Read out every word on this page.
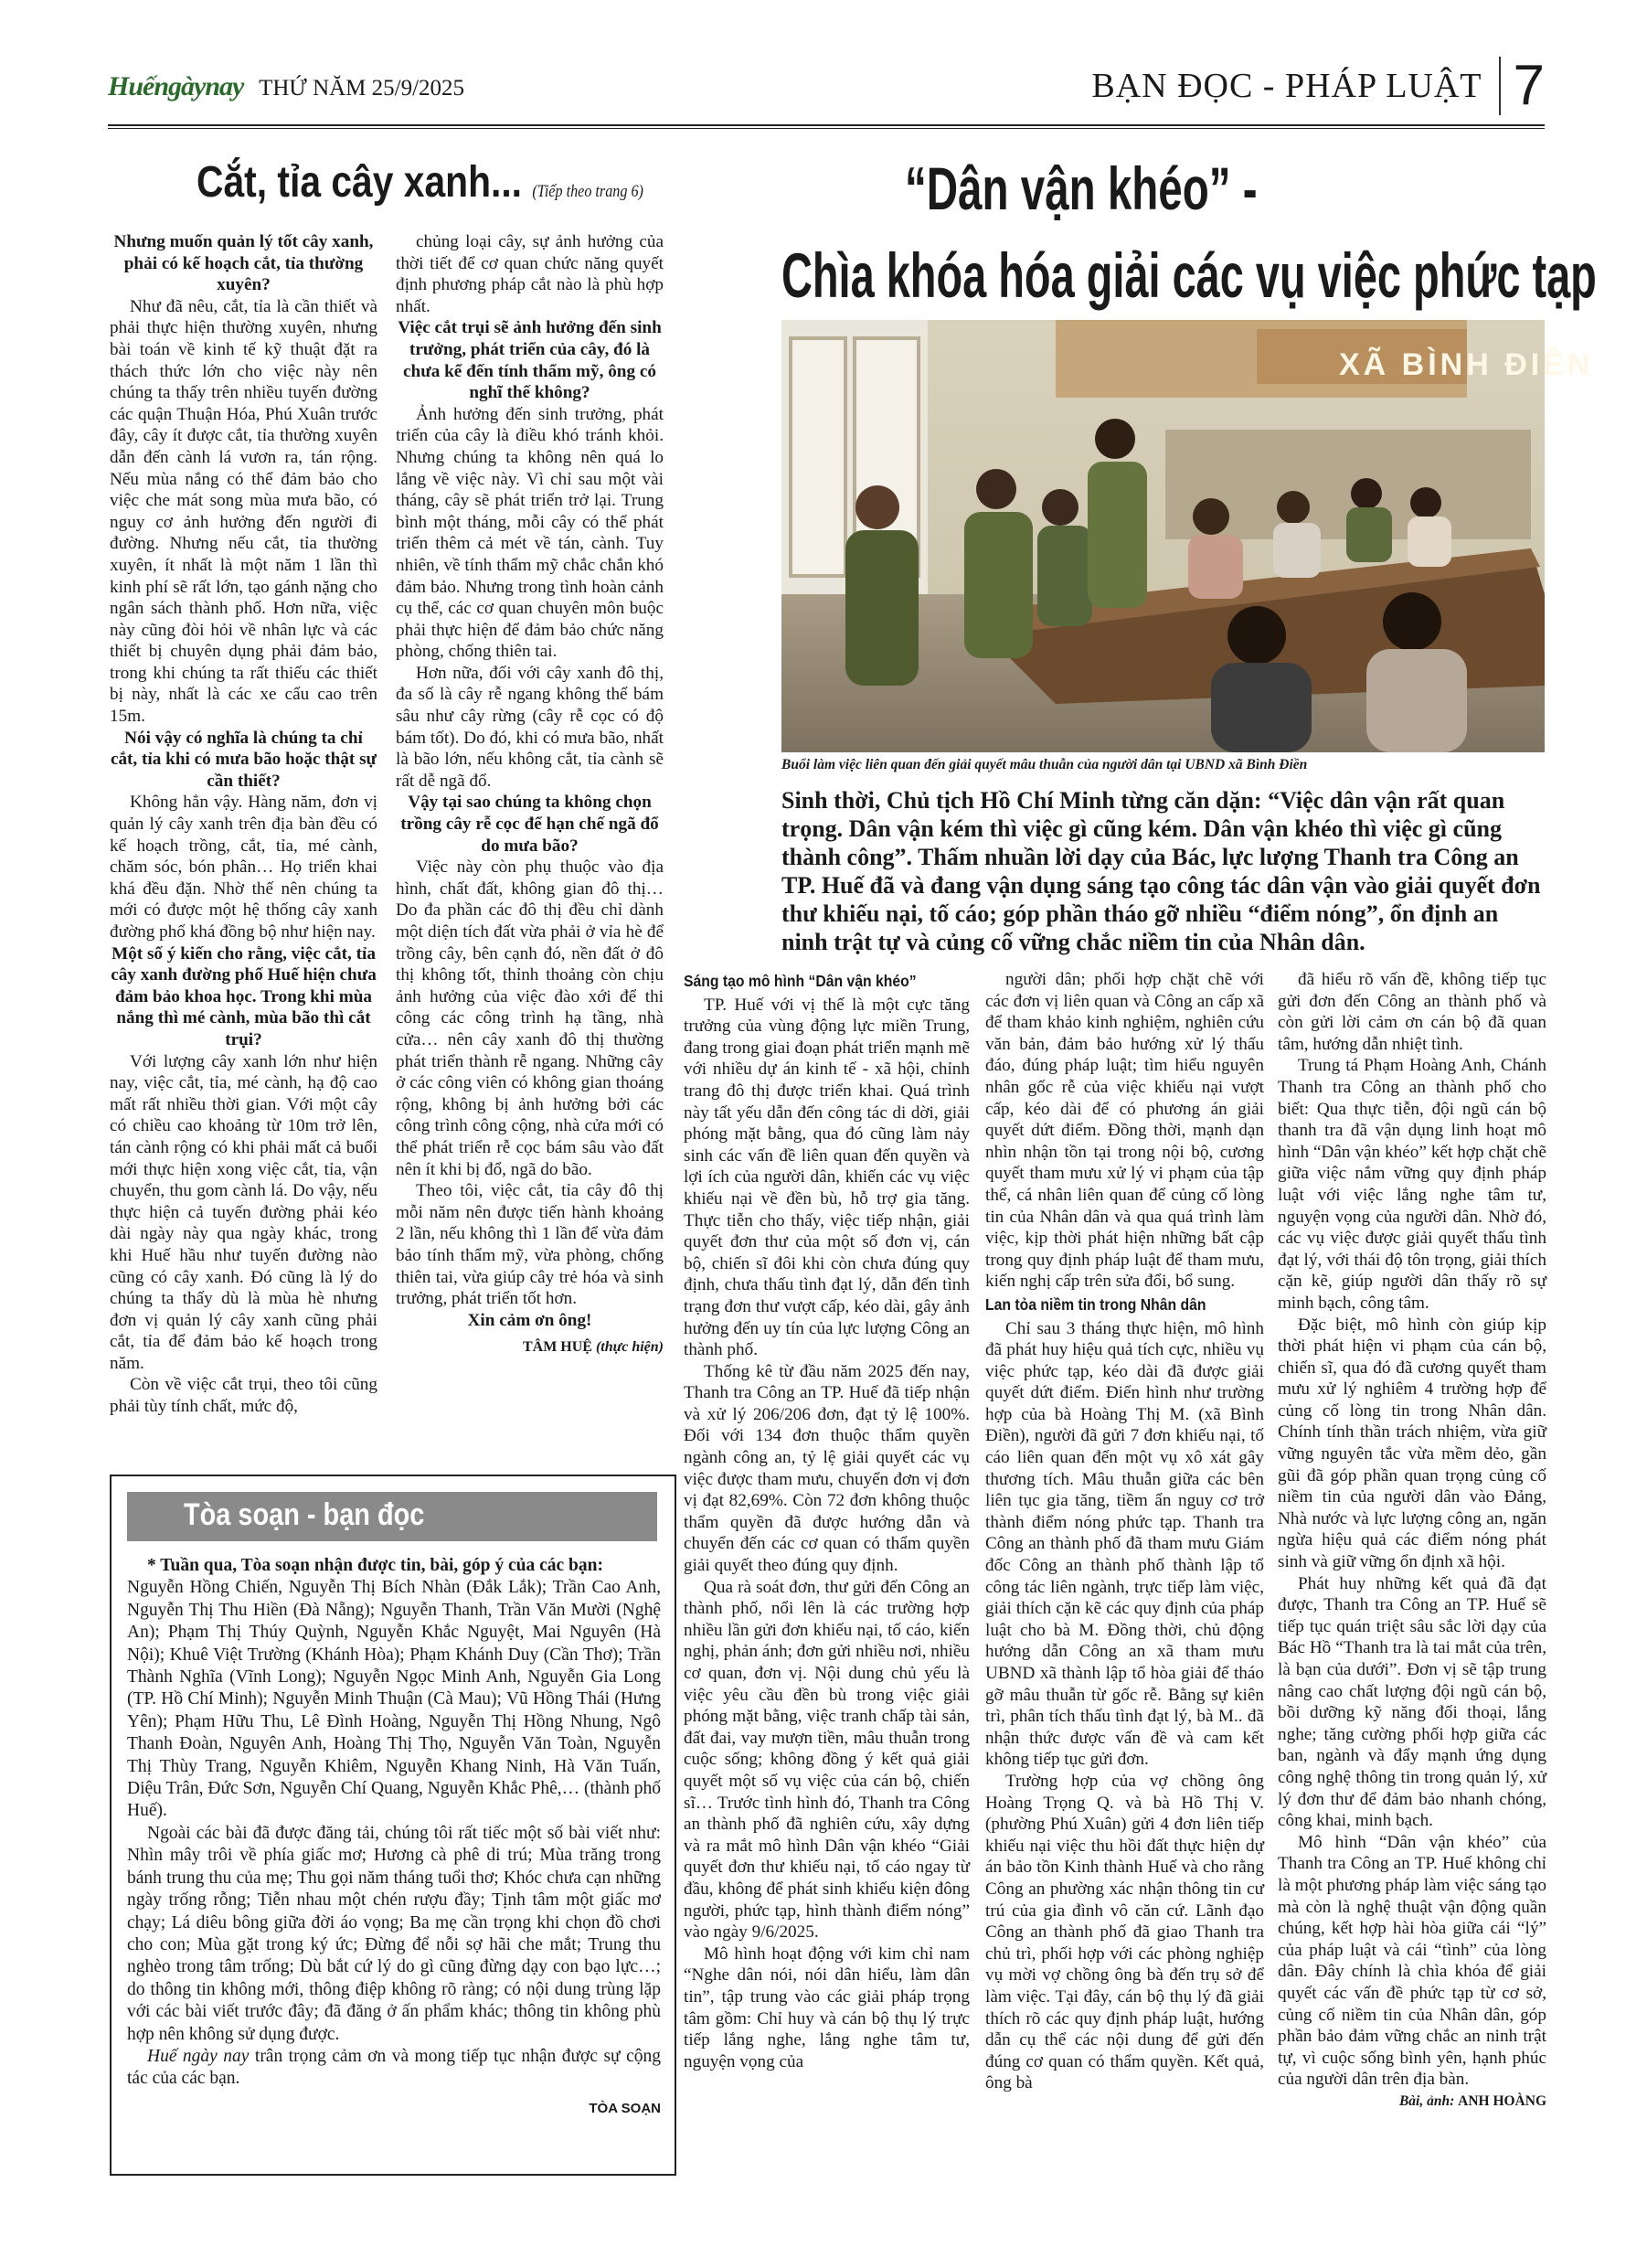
Huếngàynay THỨ NĂM 25/9/2025	BẠN ĐỌC - PHÁP LUẬT 7
Cắt, tỉa cây xanh... (Tiếp theo trang 6)

Nhưng muốn quản lý tốt cây xanh, phải có kế hoạch cắt, tỉa thường xuyên?

Như đã nêu, cắt, tỉa là cần thiết và phải thực hiện thường xuyên, nhưng bài toán về kinh tế kỹ thuật đặt ra thách thức lớn cho việc này nên chúng ta thấy trên nhiều tuyến đường các quận Thuận Hóa, Phú Xuân trước đây, cây ít được cắt, tỉa thường xuyên dẫn đến cành lá vươn ra, tán rộng. Nếu mùa nắng có thể đảm bảo cho việc che mát song mùa mưa bão, có nguy cơ ảnh hưởng đến người đi đường. Nhưng nếu cắt, tỉa thường xuyên, ít nhất là một năm 1 lần thì kinh phí sẽ rất lớn, tạo gánh nặng cho ngân sách thành phố. Hơn nữa, việc này cũng đòi hỏi về nhân lực và các thiết bị chuyên dụng phải đảm bảo, trong khi chúng ta rất thiếu các thiết bị này, nhất là các xe cẩu cao trên 15m.

Nói vậy có nghĩa là chúng ta chỉ cắt, tỉa khi có mưa bão hoặc thật sự cần thiết?

Không hẳn vậy. Hàng năm, đơn vị quản lý cây xanh trên địa bàn đều có kế hoạch trồng, cắt, tỉa, mé cành, chăm sóc, bón phân… Họ triển khai khá đều đặn. Nhờ thế nên chúng ta mới có được một hệ thống cây xanh đường phố khá đồng bộ như hiện nay.

Một số ý kiến cho rằng, việc cắt, tỉa cây xanh đường phố Huế hiện chưa đảm bảo khoa học. Trong khi mùa nắng thì mé cành, mùa bão thì cắt trụi?

Với lượng cây xanh lớn như hiện nay, việc cắt, tỉa, mé cành, hạ độ cao mất rất nhiều thời gian. Với một cây có chiều cao khoảng từ 10m trở lên, tán cành rộng có khi phải mất cả buổi mới thực hiện xong việc cắt, tỉa, vận chuyển, thu gom cành lá. Do vậy, nếu thực hiện cả tuyến đường phải kéo dài ngày này qua ngày khác, trong khi Huế hầu như tuyến đường nào cũng có cây xanh. Đó cũng là lý do chúng ta thấy dù là mùa hè nhưng đơn vị quản lý cây xanh cũng phải cắt, tỉa để đảm bảo kế hoạch trong năm.

Còn về việc cắt trụi, theo tôi cũng phải tùy tính chất, mức độ,

chủng loại cây, sự ảnh hưởng của thời tiết để cơ quan chức năng quyết định phương pháp cắt nào là phù hợp nhất.

Việc cắt trụi sẽ ảnh hưởng đến sinh trưởng, phát triển của cây, đó là chưa kể đến tính thẩm mỹ, ông có nghĩ thế không?

Ảnh hưởng đến sinh trưởng, phát triển của cây là điều khó tránh khỏi. Nhưng chúng ta không nên quá lo lắng về việc này. Vì chỉ sau một vài tháng, cây sẽ phát triển trở lại. Trung bình một tháng, mỗi cây có thể phát triển thêm cả mét về tán, cành. Tuy nhiên, về tính thẩm mỹ chắc chắn khó đảm bảo. Nhưng trong tình hoàn cảnh cụ thể, các cơ quan chuyên môn buộc phải thực hiện để đảm bảo chức năng phòng, chống thiên tai.

Hơn nữa, đối với cây xanh đô thị, đa số là cây rễ ngang không thể bám sâu như cây rừng (cây rễ cọc có độ bám tốt). Do đó, khi có mưa bão, nhất là bão lớn, nếu không cắt, tỉa cành sẽ rất dễ ngã đổ.

Vậy tại sao chúng ta không chọn trồng cây rễ cọc để hạn chế ngã đổ do mưa bão?

Việc này còn phụ thuộc vào địa hình, chất đất, không gian đô thị… Do đa phần các đô thị đều chỉ dành một diện tích đất vừa phải ở vỉa hè để trồng cây, bên cạnh đó, nền đất ở đô thị không tốt, thỉnh thoảng còn chịu ảnh hưởng của việc đào xới để thi công các công trình hạ tầng, nhà cửa… nên cây xanh đô thị thường phát triển thành rễ ngang. Những cây ở các công viên có không gian thoáng rộng, không bị ảnh hưởng bởi các công trình công cộng, nhà cửa mới có thể phát triển rễ cọc bám sâu vào đất nên ít khi bị đổ, ngã do bão.

Theo tôi, việc cắt, tỉa cây đô thị mỗi năm nên được tiến hành khoảng 2 lần, nếu không thì 1 lần để vừa đảm bảo tính thẩm mỹ, vừa phòng, chống thiên tai, vừa giúp cây trẻ hóa và sinh trưởng, phát triển tốt hơn.

Xin cảm ơn ông!

TÂM HUỆ (thực hiện)

Tòa soạn - bạn đọc

* Tuần qua, Tòa soạn nhận được tin, bài, góp ý của các bạn:

Nguyễn Hồng Chiến, Nguyễn Thị Bích Nhàn (Đắk Lắk); Trần Cao Anh, Nguyễn Thị Thu Hiền (Đà Nẵng); Nguyễn Thanh, Trần Văn Mười (Nghệ An); Phạm Thị Thúy Quỳnh, Nguyễn Khắc Nguyệt, Mai Nguyên (Hà Nội); Khuê Việt Trường (Khánh Hòa); Phạm Khánh Duy (Cần Thơ); Trần Thành Nghĩa (Vĩnh Long); Nguyễn Ngọc Minh Anh, Nguyễn Gia Long (TP. Hồ Chí Minh); Nguyễn Minh Thuận (Cà Mau); Vũ Hồng Thái (Hưng Yên); Phạm Hữu Thu, Lê Đình Hoàng, Nguyễn Thị Hồng Nhung, Ngô Thanh Đoàn, Nguyên Anh, Hoàng Thị Thọ, Nguyễn Văn Toàn, Nguyễn Thị Thùy Trang, Nguyễn Khiêm, Nguyễn Khang Ninh, Hà Văn Tuấn, Diệu Trân, Đức Sơn, Nguyễn Chí Quang, Nguyễn Khắc Phê,… (thành phố Huế).

Ngoài các bài đã được đăng tải, chúng tôi rất tiếc một số bài viết như: Nhìn mây trôi về phía giấc mơ; Hương cà phê di trú; Mùa trăng trong bánh trung thu của mẹ; Thu gọi năm tháng tuổi thơ; Khóc chưa cạn những ngày trống rỗng; Tiễn nhau một chén rượu đầy; Tịnh tâm một giấc mơ chạy; Lá diêu bông giữa đời áo vọng; Ba mẹ cần trọng khi chọn đồ chơi cho con; Mùa gặt trong ký ức; Đừng để nỗi sợ hãi che mắt; Trung thu nghèo trong tâm trống; Dù bắt cứ lý do gì cũng đừng dạy con bạo lực…; do thông tin không mới, thông điệp không rõ ràng; có nội dung trùng lặp với các bài viết trước đây; đã đăng ở ấn phẩm khác; thông tin không phù hợp nên không sử dụng được.

Huế ngày nay trân trọng cảm ơn và mong tiếp tục nhận được sự cộng tác của các bạn.

TÒA SOẠN
“Dân vận khéo” -
Chìa khóa hóa giải các vụ việc phức tạp
XÃ BÌNH ĐIỀN
Buổi làm việc liên quan đến giải quyết mâu thuẫn của người dân tại UBND xã Bình Điền
Sinh thời, Chủ tịch Hồ Chí Minh từng căn dặn: “Việc dân vận rất quan trọng. Dân vận kém thì việc gì cũng kém. Dân vận khéo thì việc gì cũng thành công”. Thấm nhuần lời dạy của Bác, lực lượng Thanh tra Công an TP. Huế đã và đang vận dụng sáng tạo công tác dân vận vào giải quyết đơn thư khiếu nại, tố cáo; góp phần tháo gỡ nhiều “điểm nóng”, ổn định an ninh trật tự và củng cố vững chắc niềm tin của Nhân dân.

Sáng tạo mô hình “Dân vận khéo”

TP. Huế với vị thế là một cực tăng trưởng của vùng động lực miền Trung, đang trong giai đoạn phát triển mạnh mẽ với nhiều dự án kinh tế - xã hội, chỉnh trang đô thị được triển khai. Quá trình này tất yếu dẫn đến công tác di dời, giải phóng mặt bằng, qua đó cũng làm nảy sinh các vấn đề liên quan đến quyền và lợi ích của người dân, khiến các vụ việc khiếu nại về đền bù, hỗ trợ gia tăng. Thực tiễn cho thấy, việc tiếp nhận, giải quyết đơn thư của một số đơn vị, cán bộ, chiến sĩ đôi khi còn chưa đúng quy định, chưa thấu tình đạt lý, dẫn đến tình trạng đơn thư vượt cấp, kéo dài, gây ảnh hưởng đến uy tín của lực lượng Công an thành phố.

Thống kê từ đầu năm 2025 đến nay, Thanh tra Công an TP. Huế đã tiếp nhận và xử lý 206/206 đơn, đạt tỷ lệ 100%. Đối với 134 đơn thuộc thẩm quyền ngành công an, tỷ lệ giải quyết các vụ việc được tham mưu, chuyển đơn vị đơn vị đạt 82,69%. Còn 72 đơn không thuộc thẩm quyền đã được hướng dẫn và chuyển đến các cơ quan có thẩm quyền giải quyết theo đúng quy định.

Qua rà soát đơn, thư gửi đến Công an thành phố, nổi lên là các trường hợp nhiều lần gửi đơn khiếu nại, tố cáo, kiến nghị, phản ánh; đơn gửi nhiều nơi, nhiều cơ quan, đơn vị. Nội dung chủ yếu là việc yêu cầu đền bù trong việc giải phóng mặt bằng, việc tranh chấp tài sản, đất đai, vay mượn tiền, mâu thuẫn trong cuộc sống; không đồng ý kết quả giải quyết một số vụ việc của cán bộ, chiến sĩ… Trước tình hình đó, Thanh tra Công an thành phố đã nghiên cứu, xây dựng và ra mắt mô hình Dân vận khéo “Giải quyết đơn thư khiếu nại, tố cáo ngay từ đầu, không để phát sinh khiếu kiện đông người, phức tạp, hình thành điểm nóng” vào ngày 9/6/2025.

Mô hình hoạt động với kim chỉ nam “Nghe dân nói, nói dân hiểu, làm dân tin”, tập trung vào các giải pháp trọng tâm gồm: Chỉ huy và cán bộ thụ lý trực tiếp lắng nghe, lắng nghe tâm tư, nguyện vọng của

người dân; phối hợp chặt chẽ với các đơn vị liên quan và Công an cấp xã để tham khảo kinh nghiệm, nghiên cứu văn bản, đảm bảo hướng xử lý thấu đáo, đúng pháp luật; tìm hiểu nguyên nhân gốc rễ của việc khiếu nại vượt cấp, kéo dài để có phương án giải quyết dứt điểm. Đồng thời, mạnh dạn nhìn nhận tồn tại trong nội bộ, cương quyết tham mưu xử lý vi phạm của tập thể, cá nhân liên quan để củng cố lòng tin của Nhân dân và qua quá trình làm việc, kịp thời phát hiện những bất cập trong quy định pháp luật để tham mưu, kiến nghị cấp trên sửa đổi, bổ sung.

Lan tỏa niềm tin trong Nhân dân

Chỉ sau 3 tháng thực hiện, mô hình đã phát huy hiệu quả tích cực, nhiều vụ việc phức tạp, kéo dài đã được giải quyết dứt điểm. Điển hình như trường hợp của bà Hoàng Thị M. (xã Bình Điền), người đã gửi 7 đơn khiếu nại, tố cáo liên quan đến một vụ xô xát gây thương tích. Mâu thuẫn giữa các bên liên tục gia tăng, tiềm ẩn nguy cơ trở thành điểm nóng phức tạp. Thanh tra Công an thành phố đã tham mưu Giám đốc Công an thành phố thành lập tổ công tác liên ngành, trực tiếp làm việc, giải thích cặn kẽ các quy định của pháp luật cho bà M. Đồng thời, chủ động hướng dẫn Công an xã tham mưu UBND xã thành lập tổ hòa giải để tháo gỡ mâu thuẫn từ gốc rễ. Bằng sự kiên trì, phân tích thấu tình đạt lý, bà M.. đã nhận thức được vấn đề và cam kết không tiếp tục gửi đơn.

Trường hợp của vợ chồng ông Hoàng Trọng Q. và bà Hồ Thị V. (phường Phú Xuân) gửi 4 đơn liên tiếp khiếu nại việc thu hồi đất thực hiện dự án bảo tồn Kinh thành Huế và cho rằng Công an phường xác nhận thông tin cư trú của gia đình vô căn cứ. Lãnh đạo Công an thành phố đã giao Thanh tra chủ trì, phối hợp với các phòng nghiệp vụ mời vợ chồng ông bà đến trụ sở để làm việc. Tại đây, cán bộ thụ lý đã giải thích rõ các quy định pháp luật, hướng dẫn cụ thể các nội dung để gửi đến đúng cơ quan có thẩm quyền. Kết quả, ông bà

đã hiểu rõ vấn đề, không tiếp tục gửi đơn đến Công an thành phố và còn gửi lời cảm ơn cán bộ đã quan tâm, hướng dẫn nhiệt tình.

Trung tá Phạm Hoàng Anh, Chánh Thanh tra Công an thành phố cho biết: Qua thực tiễn, đội ngũ cán bộ thanh tra đã vận dụng linh hoạt mô hình “Dân vận khéo” kết hợp chặt chẽ giữa việc nắm vững quy định pháp luật với việc lắng nghe tâm tư, nguyện vọng của người dân. Nhờ đó, các vụ việc được giải quyết thấu tình đạt lý, với thái độ tôn trọng, giải thích cặn kẽ, giúp người dân thấy rõ sự minh bạch, công tâm.

Đặc biệt, mô hình còn giúp kịp thời phát hiện vi phạm của cán bộ, chiến sĩ, qua đó đã cương quyết tham mưu xử lý nghiêm 4 trường hợp để củng cố lòng tin trong Nhân dân. Chính tính thần trách nhiệm, vừa giữ vững nguyên tắc vừa mềm dẻo, gần gũi đã góp phần quan trọng củng cố niềm tin của người dân vào Đảng, Nhà nước và lực lượng công an, ngăn ngừa hiệu quả các điểm nóng phát sinh và giữ vững ổn định xã hội.

Phát huy những kết quả đã đạt được, Thanh tra Công an TP. Huế sẽ tiếp tục quán triệt sâu sắc lời dạy của Bác Hồ “Thanh tra là tai mắt của trên, là bạn của dưới”. Đơn vị sẽ tập trung nâng cao chất lượng đội ngũ cán bộ, bồi dưỡng kỹ năng đối thoại, lắng nghe; tăng cường phối hợp giữa các ban, ngành và đẩy mạnh ứng dụng công nghệ thông tin trong quản lý, xử lý đơn thư để đảm bảo nhanh chóng, công khai, minh bạch.

Mô hình “Dân vận khéo” của Thanh tra Công an TP. Huế không chỉ là một phương pháp làm việc sáng tạo mà còn là nghệ thuật vận động quần chúng, kết hợp hài hòa giữa cái “lý” của pháp luật và cái “tình” của lòng dân. Đây chính là chìa khóa để giải quyết các vấn đề phức tạp từ cơ sở, củng cố niềm tin của Nhân dân, góp phần bảo đảm vững chắc an ninh trật tự, vì cuộc sống bình yên, hạnh phúc của người dân trên địa bàn.

Bài, ảnh: ANH HOÀNG
